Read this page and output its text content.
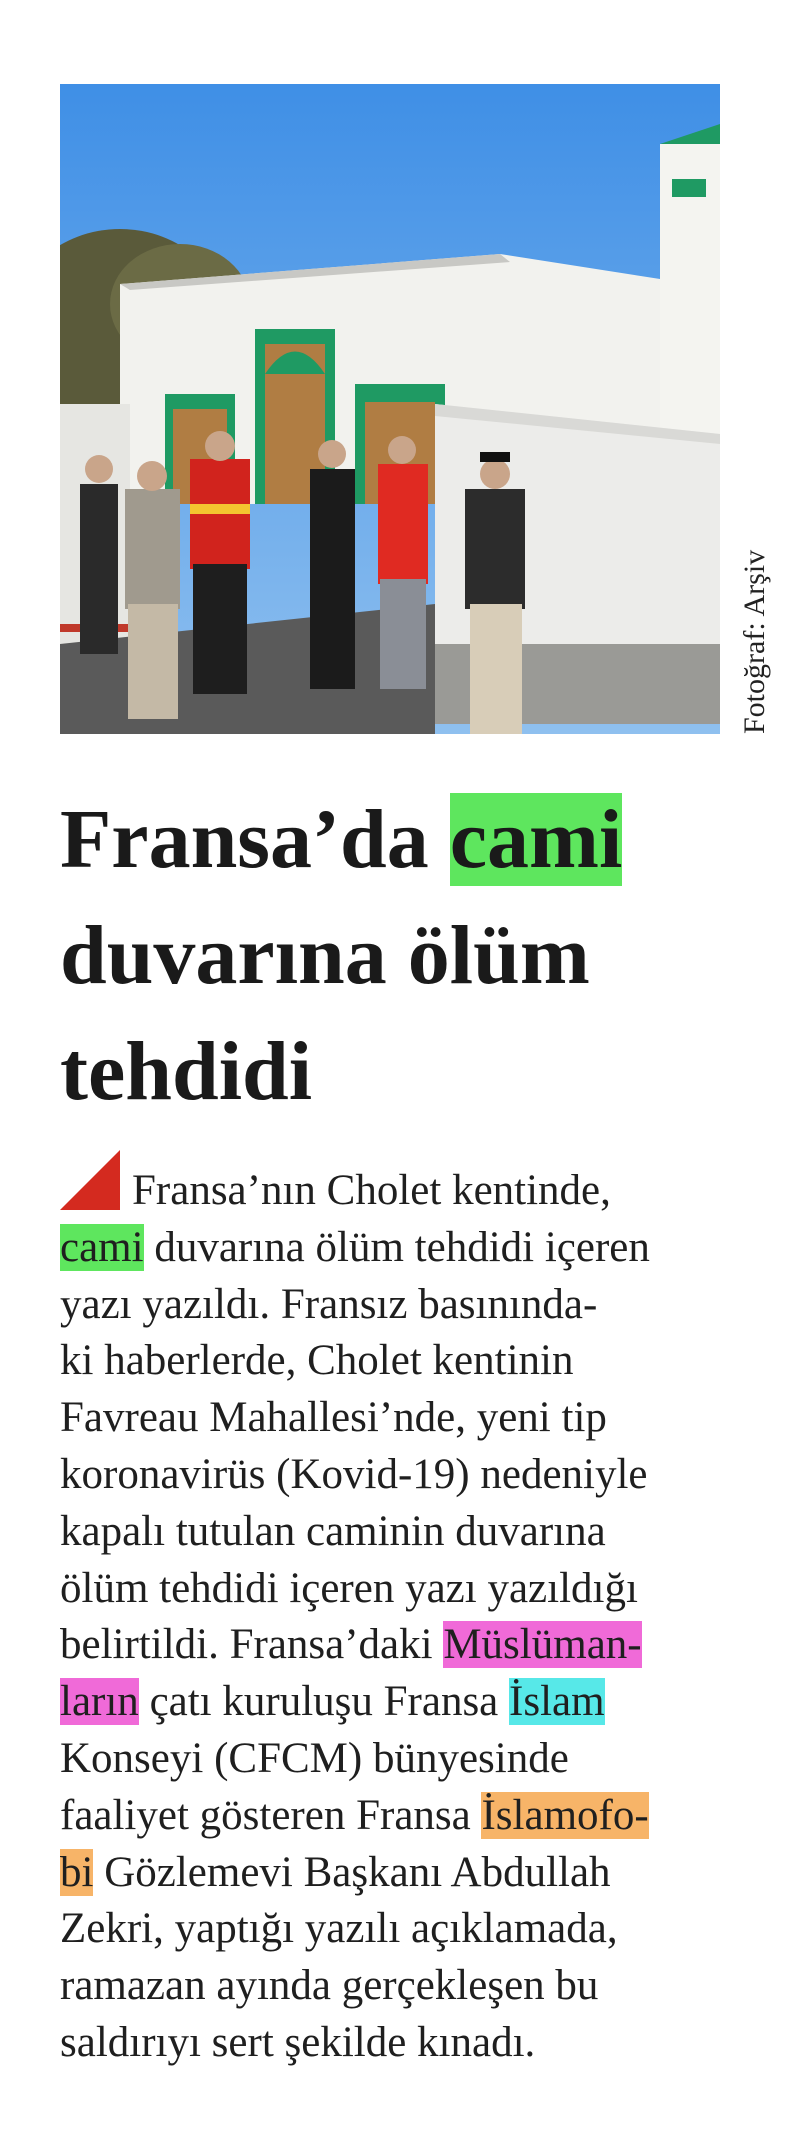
Fotoğraf: Arşiv
Fransa’da cami
duvarına ölüm
tehdidi

Fransa’nın Cholet kentinde,
cami duvarına ölüm tehdidi içeren
yazı yazıldı. Fransız basınında-
ki haberlerde, Cholet kentinin
Favreau Mahallesi’nde, yeni tip
koronavirüs (Kovid-19) nedeniyle
kapalı tutulan caminin duvarına
ölüm tehdidi içeren yazı yazıldığı
belirtildi. Fransa’daki Müslüman-
ların çatı kuruluşu Fransa İslam
Konseyi (CFCM) bünyesinde
faaliyet gösteren Fransa İslamofo-
bi Gözlemevi Başkanı Abdullah
Zekri, yaptığı yazılı açıklamada,
ramazan ayında gerçekleşen bu
saldırıyı sert şekilde kınadı.
